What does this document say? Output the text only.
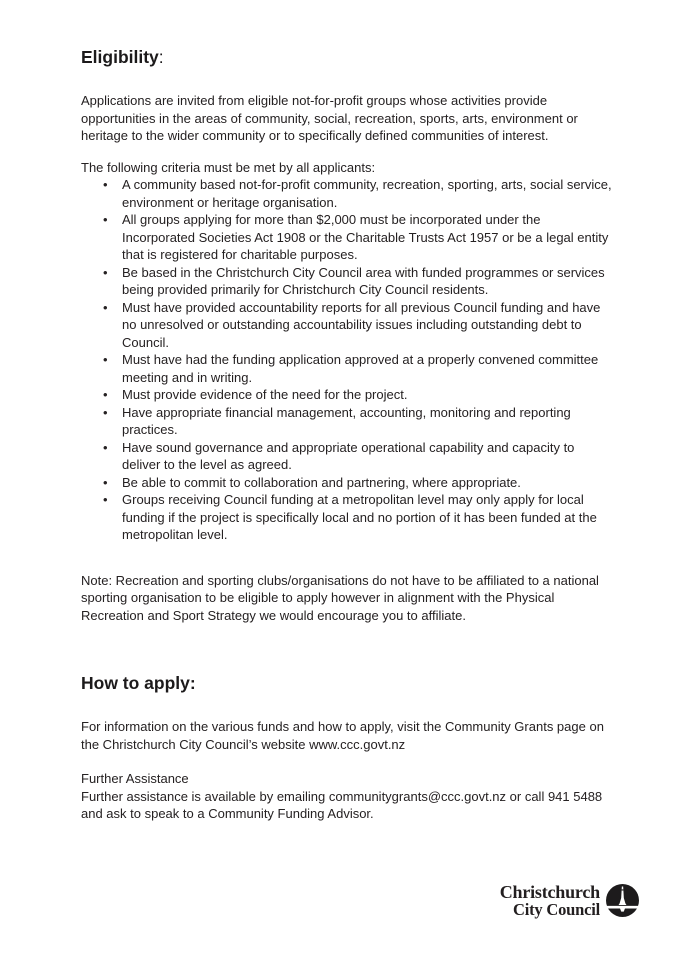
Eligibility:

Applications are invited from eligible not-for-profit groups whose activities provide opportunities in the areas of community, social, recreation, sports, arts, environment or heritage to the wider community or to specifically defined communities of interest.

The following criteria must be met by all applicants:

• A community based not-for-profit community, recreation, sporting, arts, social service, environment or heritage organisation.
• All groups applying for more than $2,000 must be incorporated under the Incorporated Societies Act 1908 or the Charitable Trusts Act 1957 or be a legal entity that is registered for charitable purposes.
• Be based in the Christchurch City Council area with funded programmes or services being provided primarily for Christchurch City Council residents.
• Must have provided accountability reports for all previous Council funding and have no unresolved or outstanding accountability issues including outstanding debt to Council.
• Must have had the funding application approved at a properly convened committee meeting and in writing.
• Must provide evidence of the need for the project.
• Have appropriate financial management, accounting, monitoring and reporting practices.
• Have sound governance and appropriate operational capability and capacity to deliver to the level as agreed.
• Be able to commit to collaboration and partnering, where appropriate.
• Groups receiving Council funding at a metropolitan level may only apply for local funding if the project is specifically local and no portion of it has been funded at the metropolitan level.

Note: Recreation and sporting clubs/organisations do not have to be affiliated to a national sporting organisation to be eligible to apply however in alignment with the Physical Recreation and Sport Strategy we would encourage you to affiliate.

How to apply:

For information on the various funds and how to apply, visit the Community Grants page on the Christchurch City Council’s website www.ccc.govt.nz

Further Assistance

Further assistance is available by emailing communitygrants@ccc.govt.nz or call 941 5488 and ask to speak to a Community Funding Advisor.

Christchurch
City Council
